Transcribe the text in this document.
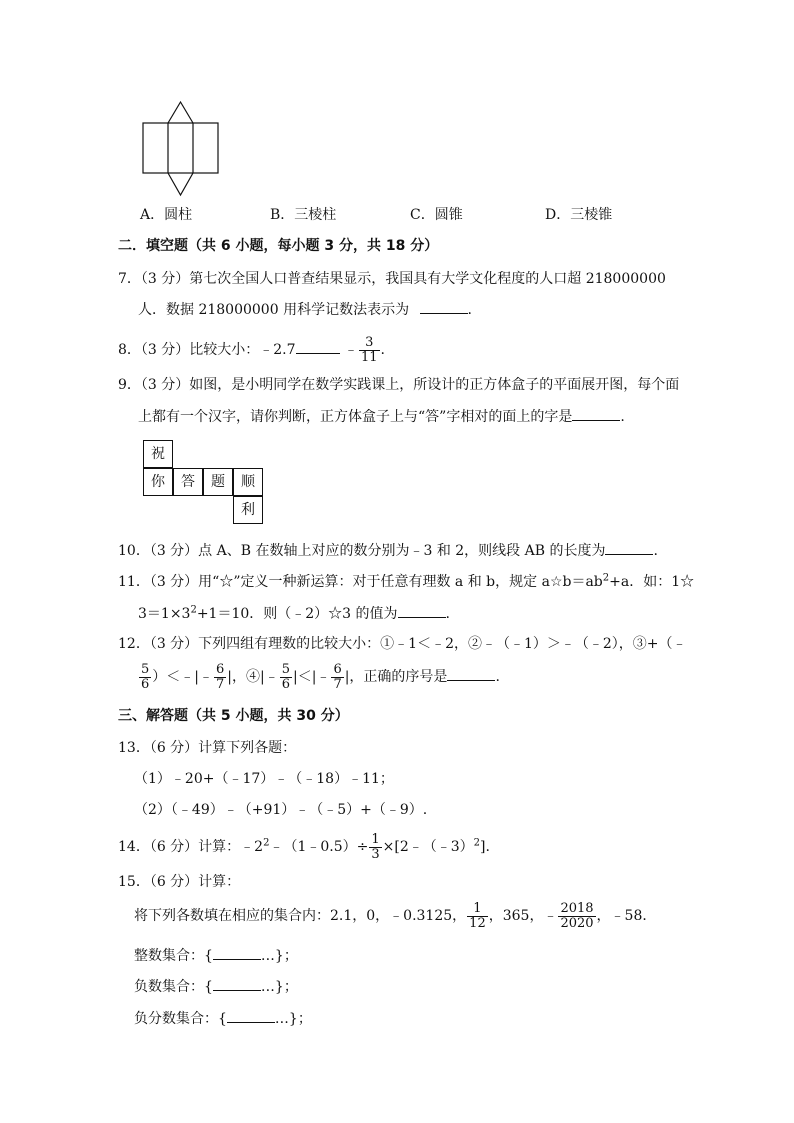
A．圆柱	B．三棱柱	C．圆锥	D．三棱锥
二．填空题（共 6 小题，每小题 3 分，共 18 分）
7．（3 分）第七次全国人口普查结果显示，我国具有大学文化程度的人口超 218000000
人．数据 218000000 用科学记数法表示为	.
8．（3 分）比较大小：﹣2.7	﹣ $\frac{3}{11}$ .
9．（3 分）如图，是小明同学在数学实践课上，所设计的正方体盒子的平面展开图，每个面
上都有一个汉字，请你判断，正方体盒子上与“答”字相对的面上的字是	.
祝
你	答	题	顺
利
10．（3 分）点 A、B 在数轴上对应的数分别为﹣3 和 2，则线段 AB 的长度为	.
11．（3 分）用“☆”定义一种新运算：对于任意有理数 a 和 b，规定 $a☆b=ab^2+a$．如：1☆
$3=1\times 3^2+1=10$．则（﹣2）☆3 的值为	.
12．（3 分）下列四组有理数的比较大小：①﹣1＜﹣2，②﹣（﹣1）＞﹣（﹣2），③+（﹣
$\frac{5}{6}$ ）＜﹣|﹣ $\frac{6}{7}$ |，④|﹣ $\frac{5}{6}$ |＜|﹣ $\frac{6}{7}$ |，正确的序号是	.
三、解答题（共 5 小题，共 30 分）
13．（6 分）计算下列各题：
（1）﹣20+（﹣17）﹣（﹣18）﹣11；
（2）（﹣49）﹣（+91）﹣（﹣5）+（﹣9）.
14．（6 分）计算：$﹣2^2﹣(1﹣0.5)\div \frac{1}{3}$ ×[2﹣（﹣3）$^2$].
15．（6 分）计算：
将下列各数填在相应的集合内：2.1，0，﹣0.3125， $\frac{1}{12}$ ，365，﹣ $\frac{2018}{2020}$ ，﹣58．
整数集合：{	…}；
负数集合：{	…}；
负分数集合：{	…}；
